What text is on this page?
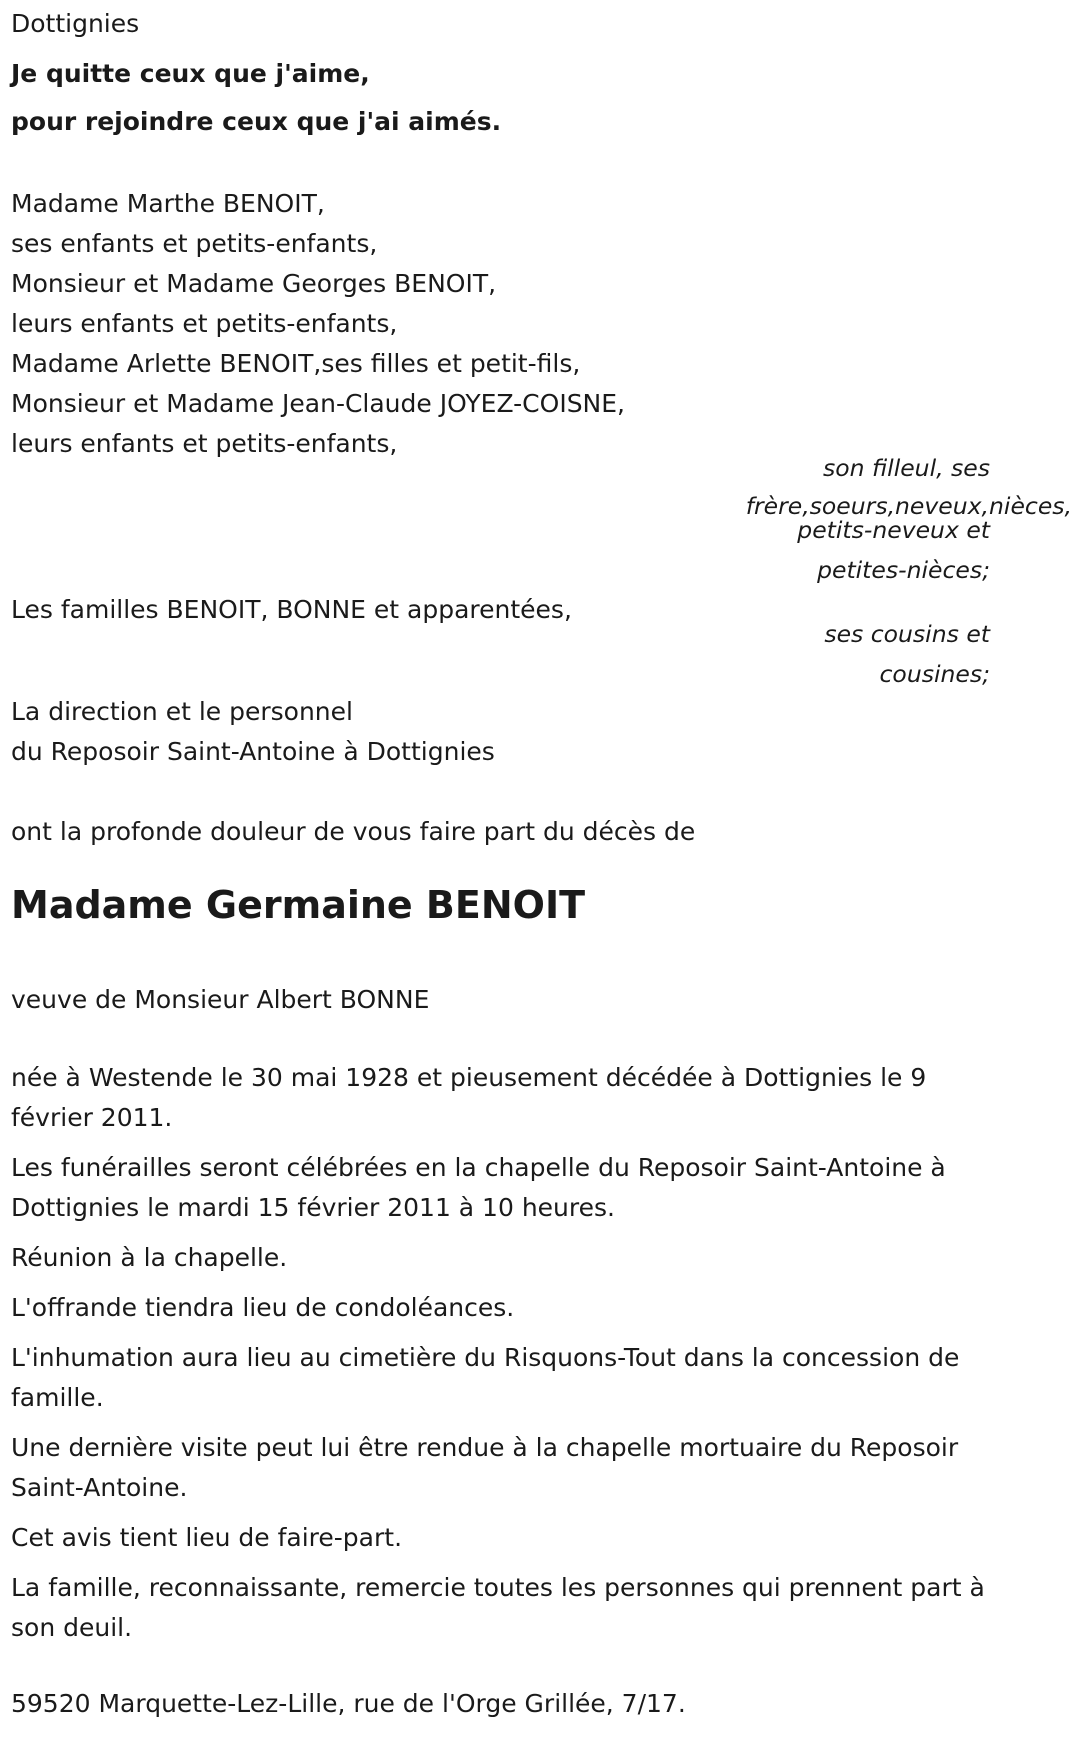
Dottignies
Je quitte ceux que j'aime,
pour rejoindre ceux que j'ai aimés.
Madame Marthe BENOIT,
ses enfants et petits-enfants,
Monsieur et Madame Georges BENOIT,
leurs enfants et petits-enfants,
Madame Arlette BENOIT,ses filles et petit-fils,
Monsieur et Madame Jean-Claude JOYEZ-COISNE,
leurs enfants et petits-enfants,
son filleul, ses
frère,soeurs,neveux,nièces,
petits-neveux et
petites-nièces;
ses cousins et
cousines;
Les familles BENOIT, BONNE et apparentées,
La direction et le personnel
du Reposoir Saint-Antoine à Dottignies
ont la profonde douleur de vous faire part du décès de
Madame Germaine BENOIT
veuve de Monsieur Albert BONNE
née à Westende le 30 mai 1928 et pieusement décédée à Dottignies le 9 février 2011.
Les funérailles seront célébrées en la chapelle du Reposoir Saint-Antoine à Dottignies le mardi 15 février 2011 à 10 heures.
Réunion à la chapelle.
L'offrande tiendra lieu de condoléances.
L'inhumation aura lieu au cimetière du Risquons-Tout dans la concession de famille.
Une dernière visite peut lui être rendue à la chapelle mortuaire du Reposoir Saint-Antoine.
Cet avis tient lieu de faire-part.
La famille, reconnaissante, remercie toutes les personnes qui prennent part à son deuil.
59520 Marquette-Lez-Lille, rue de l'Orge Grillée, 7/17.
